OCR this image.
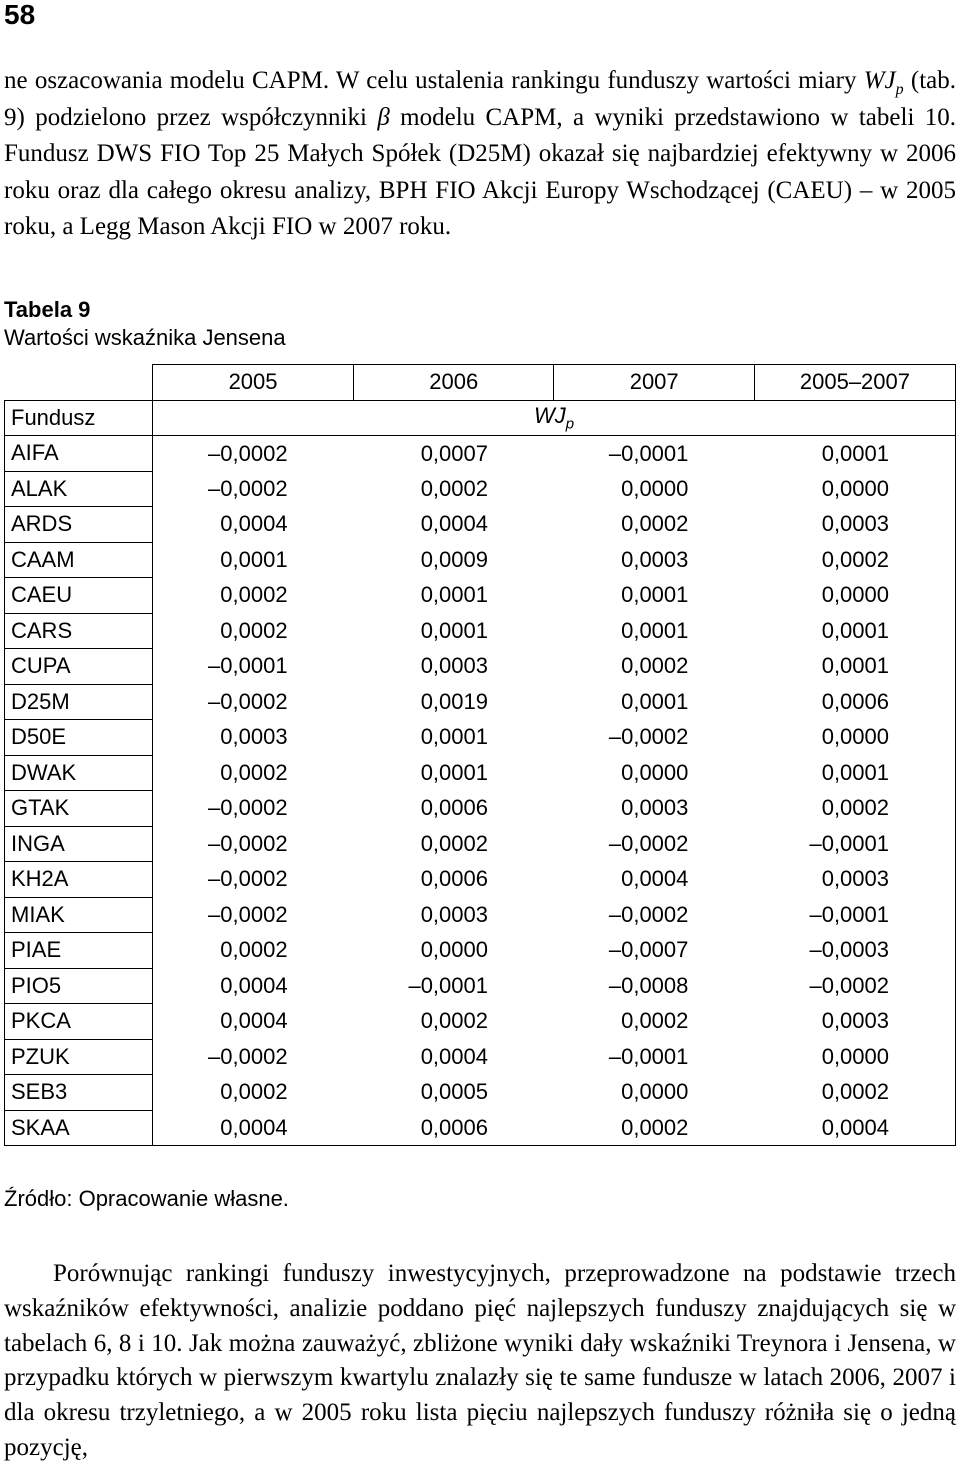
58

ne oszacowania modelu CAPM. W celu ustalenia rankingu funduszy wartości miary $WJ_p$ (tab. 9) podzielono przez współczynniki β modelu CAPM, a wyniki przedstawiono w tabeli 10. Fundusz DWS FIO Top 25 Małych Spółek (D25M) okazał się najbardziej efektywny w 2006 roku oraz dla całego okresu analizy, BPH FIO Akcji Europy Wschodzącej (CAEU) – w 2005 roku, a Legg Mason Akcji FIO w 2007 roku.

Tabela 9
Wartości wskaźnika Jensena
	2005	2006	2007	2005–2007
Fundusz	$WJ_p$
AIFA	–0,0002	0,0007	–0,0001	0,0001
ALAK	–0,0002	0,0002	0,0000	0,0000
ARDS	0,0004	0,0004	0,0002	0,0003
CAAM	0,0001	0,0009	0,0003	0,0002
CAEU	0,0002	0,0001	0,0001	0,0000
CARS	0,0002	0,0001	0,0001	0,0001
CUPA	–0,0001	0,0003	0,0002	0,0001
D25M	–0,0002	0,0019	0,0001	0,0006
D50E	0,0003	0,0001	–0,0002	0,0000
DWAK	0,0002	0,0001	0,0000	0,0001
GTAK	–0,0002	0,0006	0,0003	0,0002
INGA	–0,0002	0,0002	–0,0002	–0,0001
KH2A	–0,0002	0,0006	0,0004	0,0003
MIAK	–0,0002	0,0003	–0,0002	–0,0001
PIAE	0,0002	0,0000	–0,0007	–0,0003
PIO5	0,0004	–0,0001	–0,0008	–0,0002
PKCA	0,0004	0,0002	0,0002	0,0003
PZUK	–0,0002	0,0004	–0,0001	0,0000
SEB3	0,0002	0,0005	0,0000	0,0002
SKAA	0,0004	0,0006	0,0002	0,0004
Źródło: Opracowanie własne.

Porównując rankingi funduszy inwestycyjnych, przeprowadzone na podstawie trzech wskaźników efektywności, analizie poddano pięć najlepszych funduszy znajdujących się w tabelach 6, 8 i 10. Jak można zauważyć, zbliżone wyniki dały wskaźniki Treynora i Jensena, w przypadku których w pierwszym kwartylu znalazły się te same fundusze w latach 2006, 2007 i dla okresu trzyletniego, a w 2005 roku lista pięciu najlepszych funduszy różniła się o jedną pozycję,
